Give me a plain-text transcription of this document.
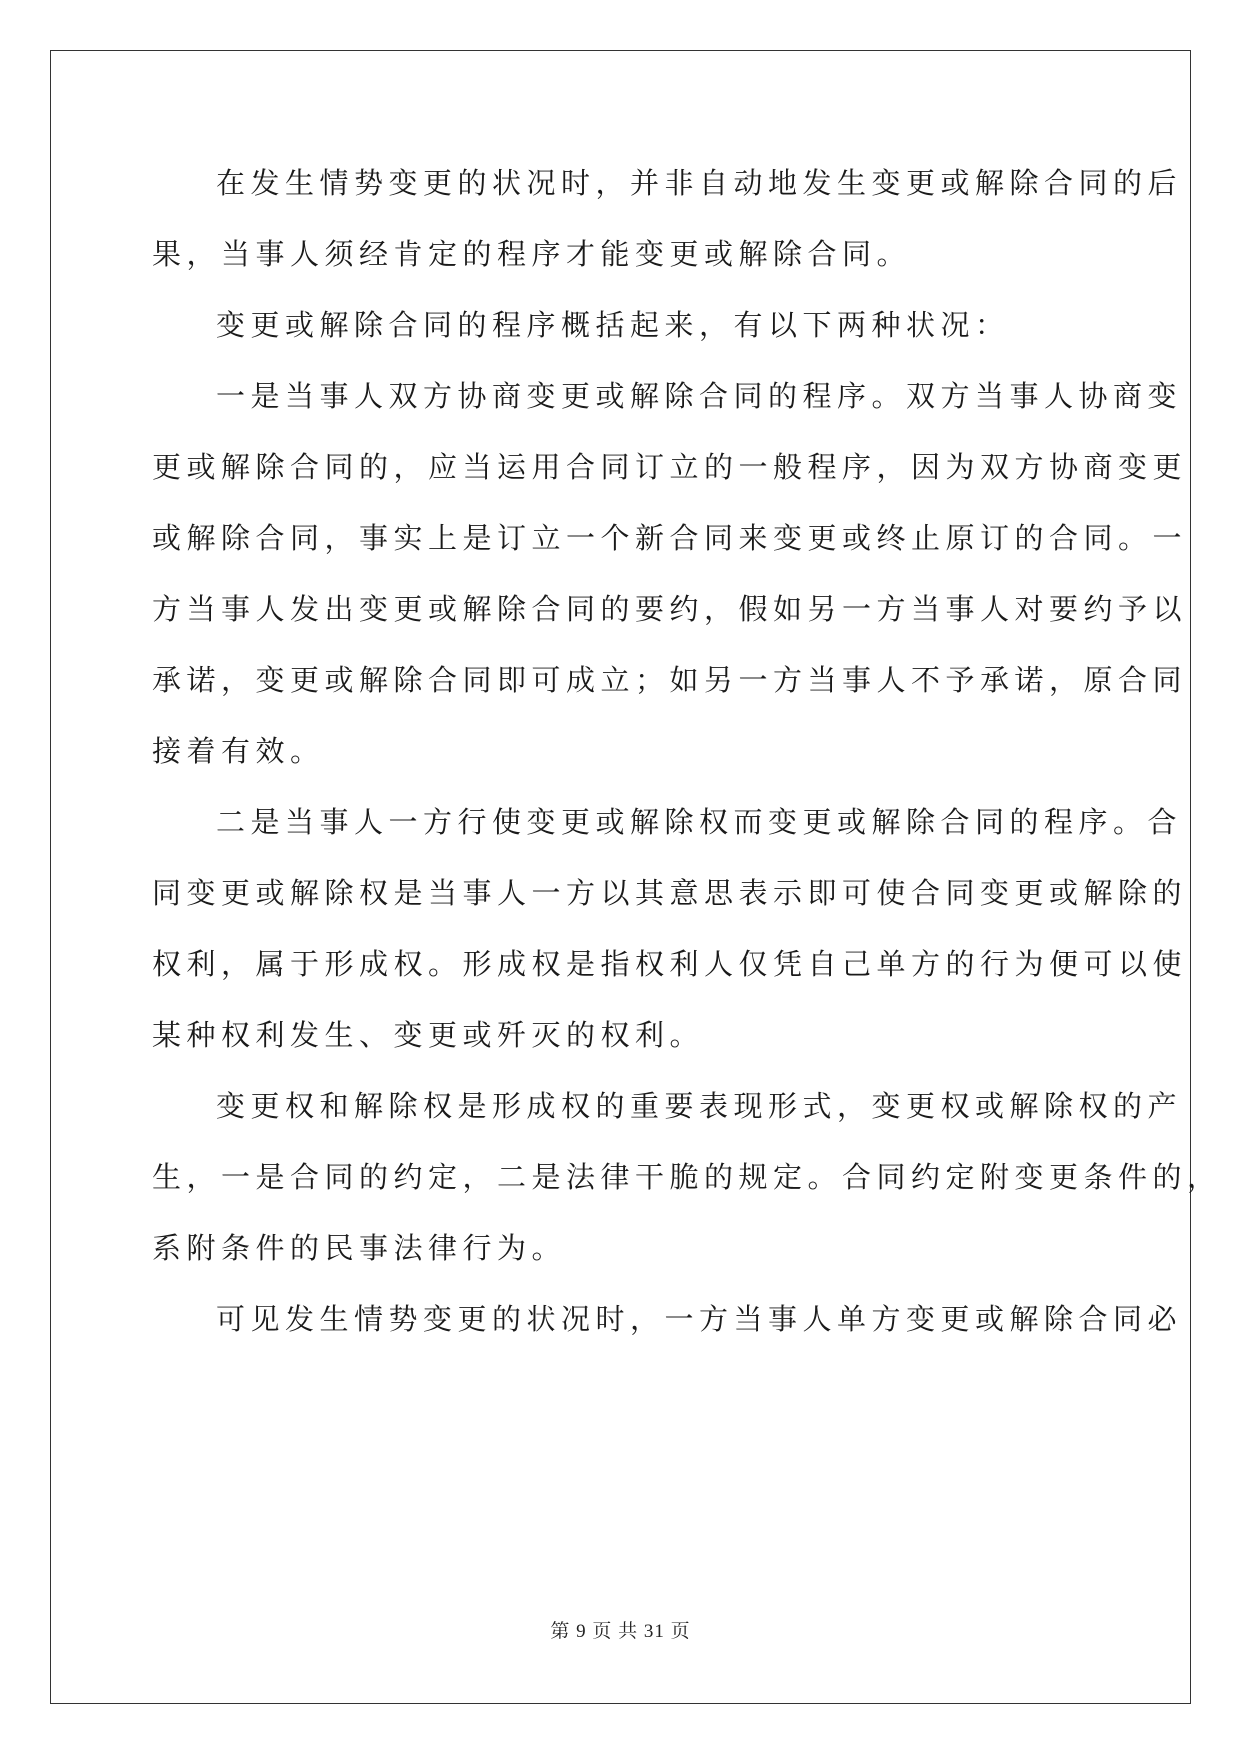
在发生情势变更的状况时，并非自动地发生变更或解除合同的后
果，当事人须经肯定的程序才能变更或解除合同。
变更或解除合同的程序概括起来，有以下两种状况：
一是当事人双方协商变更或解除合同的程序。双方当事人协商变
更或解除合同的，应当运用合同订立的一般程序，因为双方协商变更
或解除合同，事实上是订立一个新合同来变更或终止原订的合同。一
方当事人发出变更或解除合同的要约，假如另一方当事人对要约予以
承诺，变更或解除合同即可成立；如另一方当事人不予承诺，原合同
接着有效。
二是当事人一方行使变更或解除权而变更或解除合同的程序。合
同变更或解除权是当事人一方以其意思表示即可使合同变更或解除的
权利，属于形成权。形成权是指权利人仅凭自己单方的行为便可以使
某种权利发生、变更或歼灭的权利。
变更权和解除权是形成权的重要表现形式，变更权或解除权的产
生，一是合同的约定，二是法律干脆的规定。合同约定附变更条件的，
系附条件的民事法律行为。
可见发生情势变更的状况时，一方当事人单方变更或解除合同必
第 9 页 共 31 页
